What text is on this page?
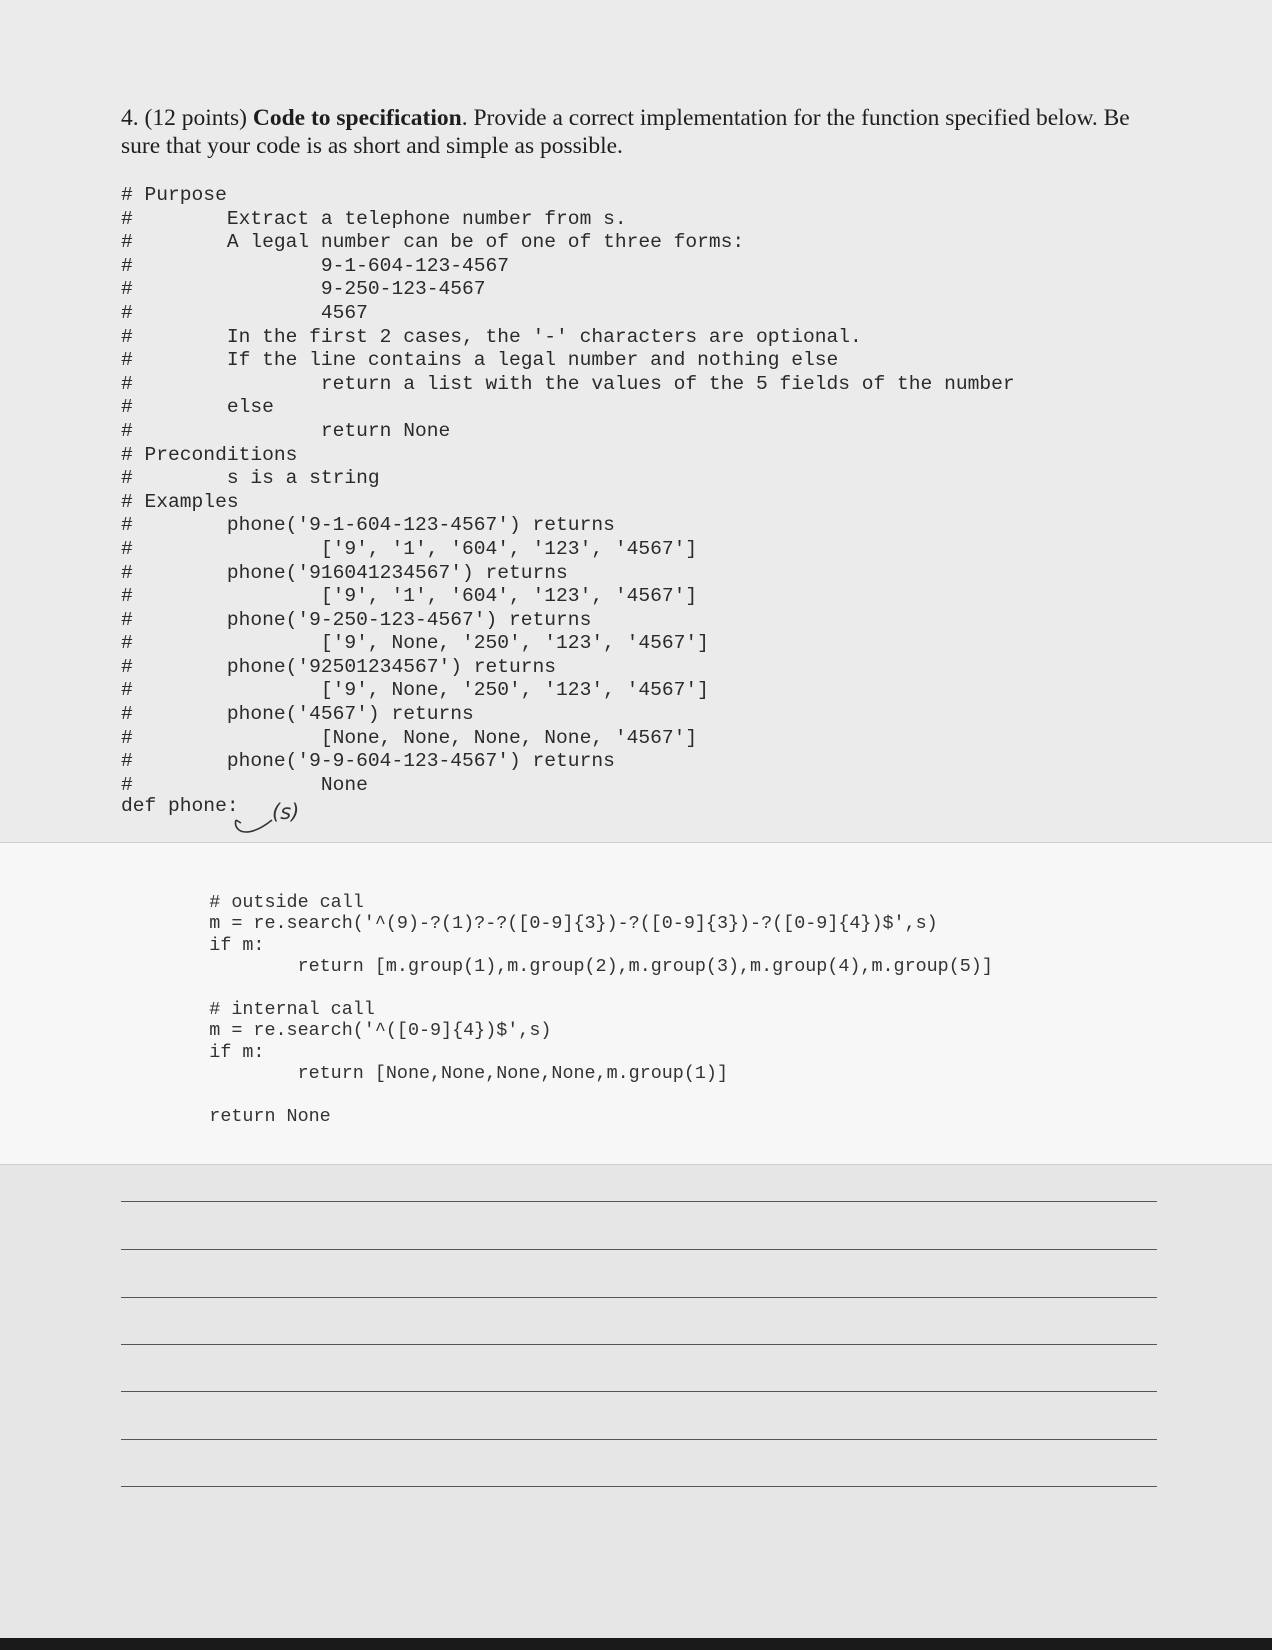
4. (12 points) Code to specification. Provide a correct implementation for the function specified below. Be sure that your code is as short and simple as possible.

# Purpose
#        Extract a telephone number from s.
#        A legal number can be of one of three forms:
#                9-1-604-123-4567
#                9-250-123-4567
#                4567
#        In the first 2 cases, the '-' characters are optional.
#        If the line contains a legal number and nothing else
#                return a list with the values of the 5 fields of the number
#        else
#                return None
# Preconditions
#        s is a string
# Examples
#        phone('9-1-604-123-4567') returns
#                ['9', '1', '604', '123', '4567']
#        phone('916041234567') returns
#                ['9', '1', '604', '123', '4567']
#        phone('9-250-123-4567') returns
#                ['9', None, '250', '123', '4567']
#        phone('92501234567') returns
#                ['9', None, '250', '123', '4567']
#        phone('4567') returns
#                [None, None, None, None, '4567']
#        phone('9-9-604-123-4567') returns
#                None
def phone: (s)
# outside call
m = re.search('^(9)-?(1)?-?([0-9]{3})-?([0-9]{3})-?([0-9]{4})$',s)
if m:
return [m.group(1),m.group(2),m.group(3),m.group(4),m.group(5)]

# internal call
m = re.search('^([0-9]{4})$',s)
if m:
return [None,None,None,None,m.group(1)]

return None
